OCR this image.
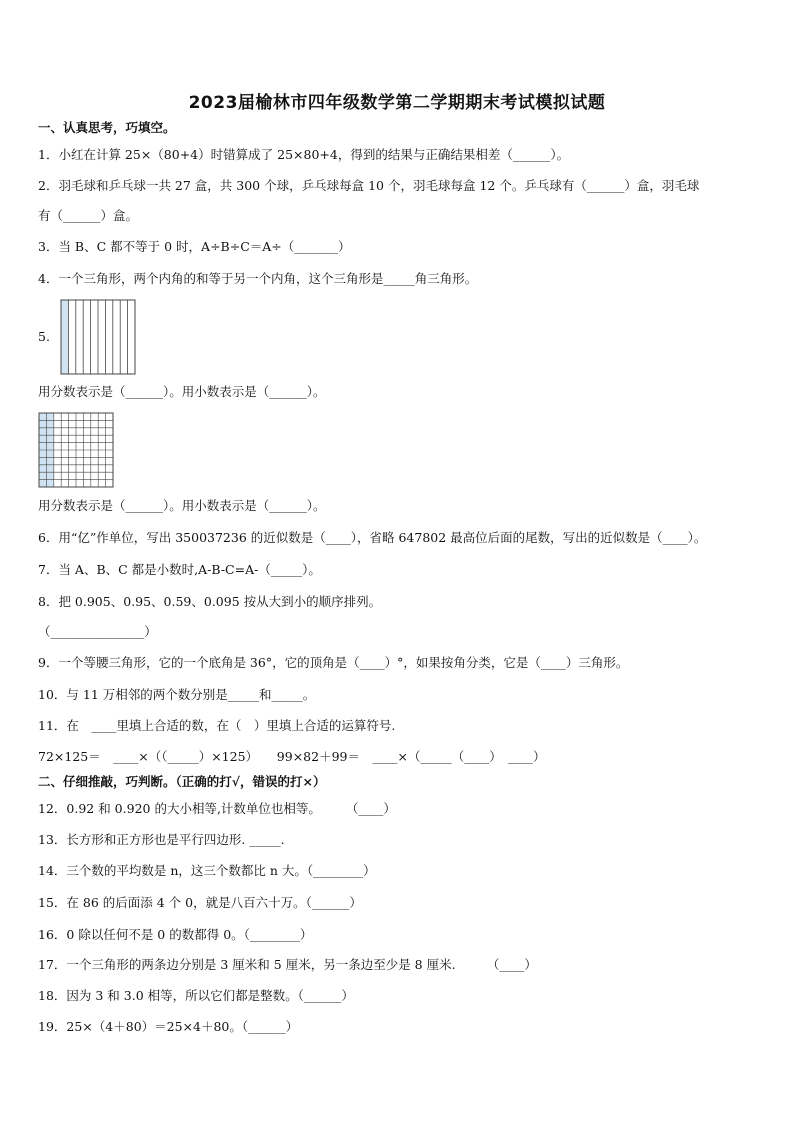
2023届榆林市四年级数学第二学期期末考试模拟试题
一、认真思考，巧填空。
1．小红在计算 25×（80+4）时错算成了 25×80+4，得到的结果与正确结果相差（______）。
2．羽毛球和乒乓球一共 27 盒，共 300 个球，乒乓球每盒 10 个，羽毛球每盒 12 个。乒乓球有（______）盒，羽毛球
有（______）盒。
3．当 B、C 都不等于 0 时，A÷B÷C＝A÷（_______）
4．一个三角形，两个内角的和等于另一个内角，这个三角形是_____角三角形。
5.
用分数表示是（______）。用小数表示是（______）。
用分数表示是（______）。用小数表示是（______）。
6．用“亿”作单位，写出 350037236 的近似数是（____），省略 647802 最高位后面的尾数，写出的近似数是（____）。
7．当 A、B、C 都是小数时,A-B-C=A-（_____）。
8．把 0.905、0.95、0.59、0.095 按从大到小的顺序排列。
（_______________）
9．一个等腰三角形，它的一个底角是 36°，它的顶角是（____）°，如果按角分类，它是（____）三角形。
10．与 11 万相邻的两个数分别是_____和_____。
11．在　____里填上合适的数，在（　）里填上合适的运算符号.
72×125＝　____×（（_____）×125）　　99×82＋99＝　____×（_____（____）　____）
二、仔细推敲，巧判断。（正确的打√，错误的打×）
12．0.92 和 0.920 的大小相等,计数单位也相等。　　　（____）
13．长方形和正方形也是平行四边形. _____.
14．三个数的平均数是 n，这三个数都比 n 大。（________）
15．在 86 的后面添 4 个 0，就是八百六十万。（______）
16．0 除以任何不是 0 的数都得 0。（________）
17．一个三角形的两条边分别是 3 厘米和 5 厘米，另一条边至少是 8 厘米.　　　（____）
18．因为 3 和 3.0 相等，所以它们都是整数。（______）
19．25×（4＋80）＝25×4＋80。（______）
